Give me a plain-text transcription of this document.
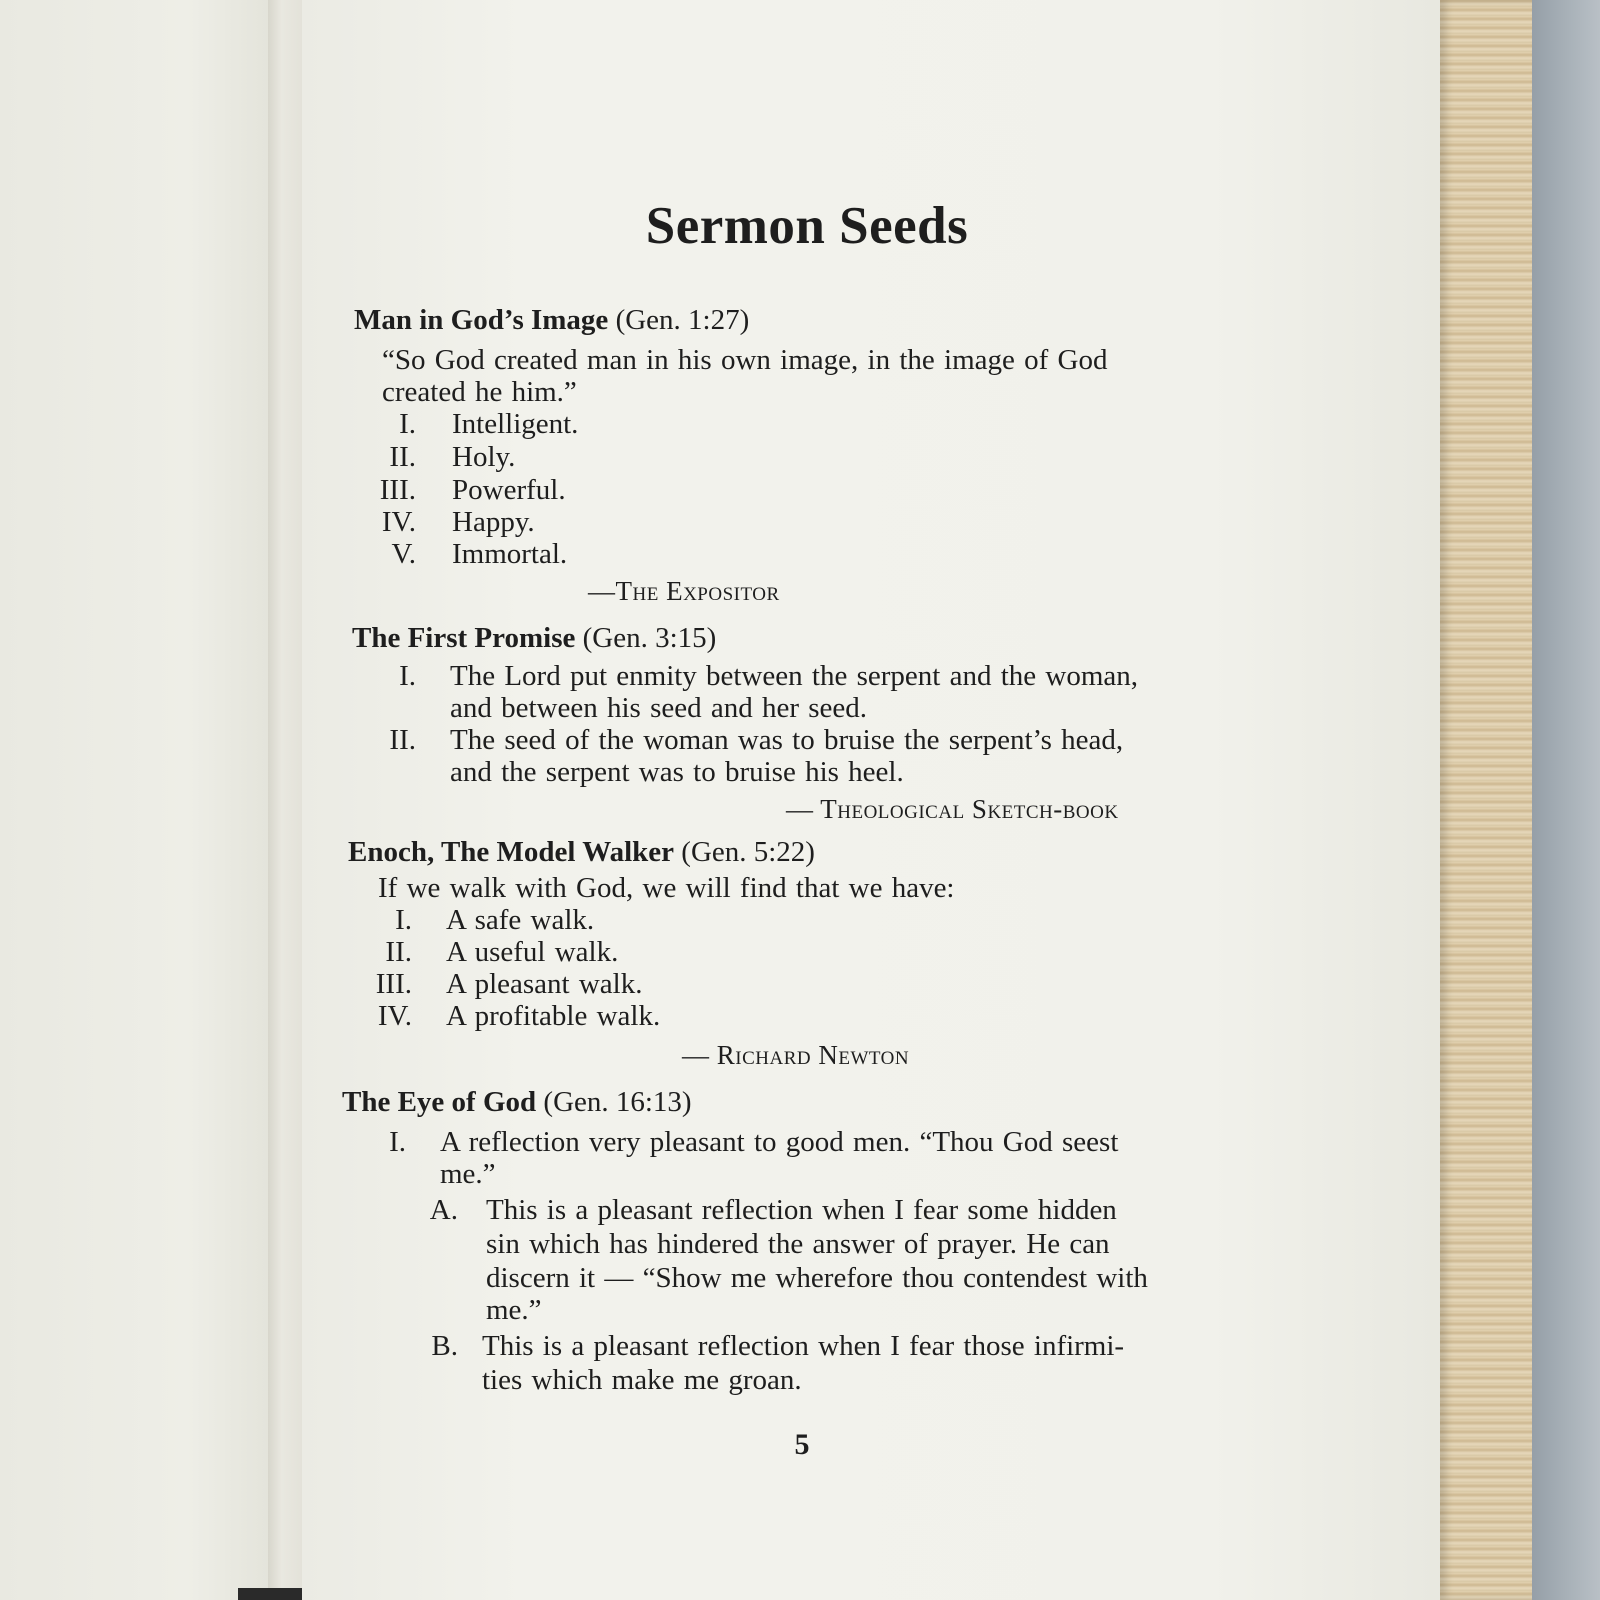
Sermon Seeds
Man in God’s Image (Gen. 1:27)
“So God created man in his own image, in the image of God
created he him.”
I. Intelligent.
II. Holy.
III. Powerful.
IV. Happy.
V. Immortal.
—The Expositor
The First Promise (Gen. 3:15)
I. The Lord put enmity between the serpent and the woman,
and between his seed and her seed.
II. The seed of the woman was to bruise the serpent’s head,
and the serpent was to bruise his heel.
— Theological Sketch-book
Enoch, The Model Walker (Gen. 5:22)
If we walk with God, we will find that we have:
I. A safe walk.
II. A useful walk.
III. A pleasant walk.
IV. A profitable walk.
— Richard Newton
The Eye of God (Gen. 16:13)
I. A reflection very pleasant to good men. “Thou God seest
me.”
A. This is a pleasant reflection when I fear some hidden
sin which has hindered the answer of prayer. He can
discern it — “Show me wherefore thou contendest with
me.”
B. This is a pleasant reflection when I fear those infirmi-
ties which make me groan.
5
